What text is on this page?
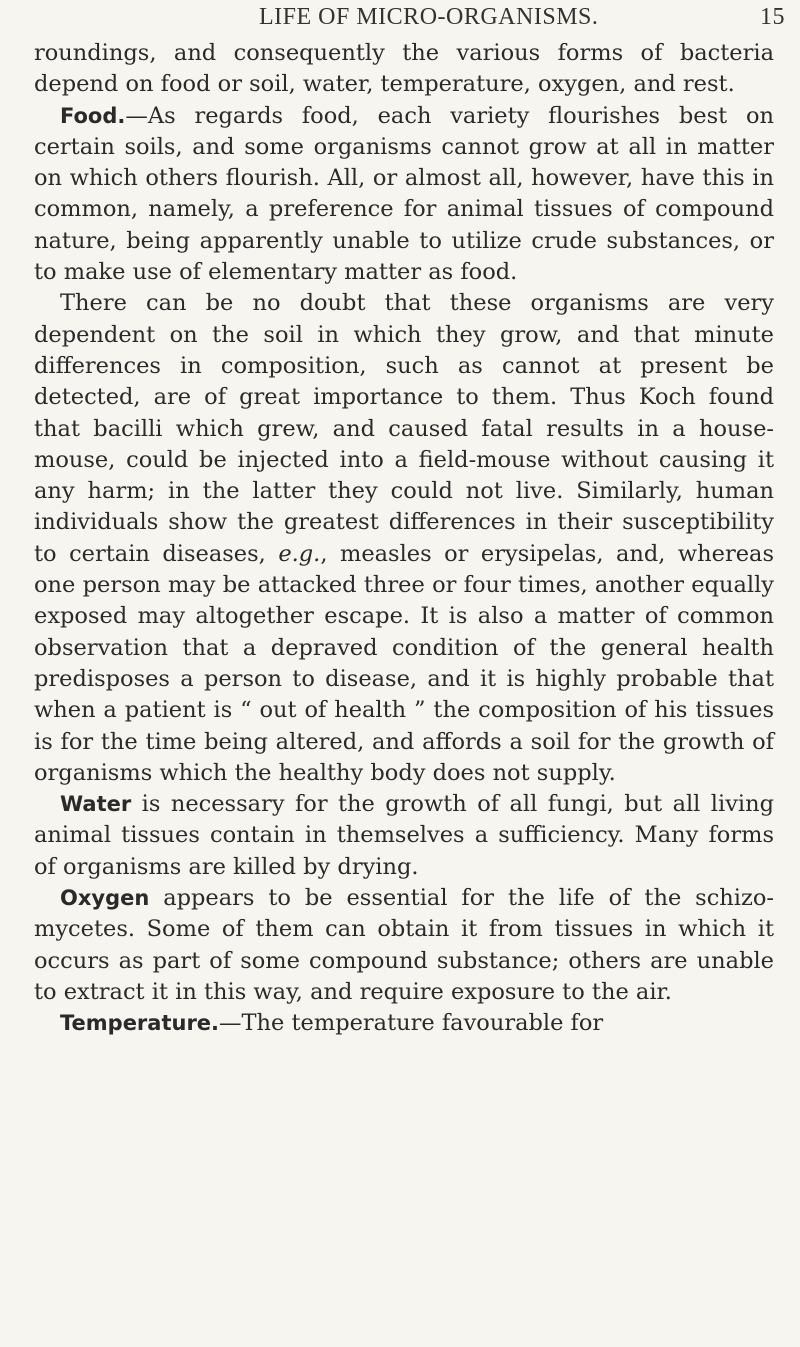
LIFE OF MICRO-ORGANISMS.	15

roundings, and consequently the various forms of bacteria depend on food or soil, water, temperature, oxygen, and rest.

Food.—As regards food, each variety flourishes best on certain soils, and some organisms cannot grow at all in matter on which others flourish. All, or almost all, however, have this in common, namely, a preference for animal tissues of compound nature, being apparently unable to utilize crude substances, or to make use of elementary matter as food.

There can be no doubt that these organisms are very dependent on the soil in which they grow, and that minute differences in composition, such as cannot at present be detected, are of great importance to them. Thus Koch found that bacilli which grew, and caused fatal results in a house-mouse, could be injected into a field-mouse without causing it any harm; in the latter they could not live. Similarly, human individuals show the greatest differences in their susceptibility to certain diseases, e.g., measles or erysipelas, and, whereas one person may be attacked three or four times, another equally exposed may altogether escape. It is also a matter of common observation that a depraved condition of the general health predisposes a person to disease, and it is highly probable that when a patient is “ out of health ” the composition of his tissues is for the time being altered, and affords a soil for the growth of organisms which the healthy body does not supply.

Water is necessary for the growth of all fungi, but all living animal tissues contain in themselves a sufficiency. Many forms of organisms are killed by drying.

Oxygen appears to be essential for the life of the schizo-mycetes. Some of them can obtain it from tissues in which it occurs as part of some compound substance; others are unable to extract it in this way, and require exposure to the air.

Temperature.—The temperature favourable for
